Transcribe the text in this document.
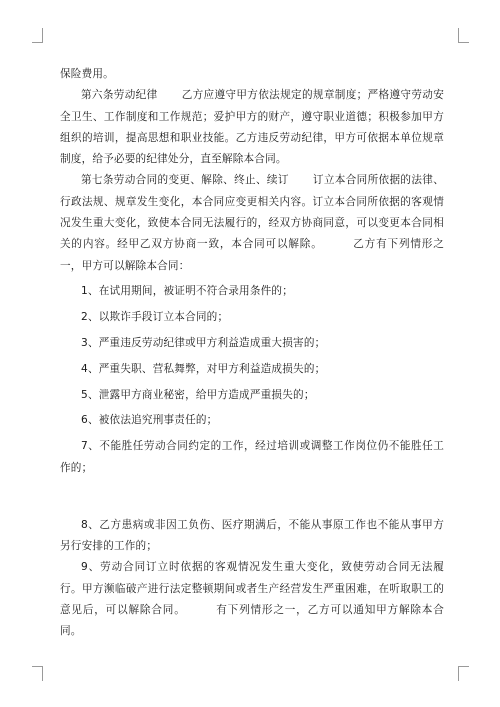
保险费用。

第六条劳动纪律 乙方应遵守甲方依法规定的规章制度；严格遵守劳动安全卫生、工作制度和工作规范；爱护甲方的财产，遵守职业道德；积极参加甲方组织的培训，提高思想和职业技能。乙方违反劳动纪律，甲方可依据本单位规章制度，给予必要的纪律处分，直至解除本合同。

第七条劳动合同的变更、解除、终止、续订 订立本合同所依据的法律、行政法规、规章发生变化，本合同应变更相关内容。订立本合同所依据的客观情况发生重大变化，致使本合同无法履行的，经双方协商同意，可以变更本合同相关的内容。经甲乙双方协商一致，本合同可以解除。	乙方有下列情形之一，甲方可以解除本合同：

1、在试用期间，被证明不符合录用条件的；

2、以欺诈手段订立本合同的；

3、严重违反劳动纪律或甲方利益造成重大损害的；

4、严重失职、营私舞弊，对甲方利益造成损失的；

5、泄露甲方商业秘密，给甲方造成严重损失的；

6、被依法追究刑事责任的；

7、不能胜任劳动合同约定的工作，经过培训或调整工作岗位仍不能胜任工作的；

8、乙方患病或非因工负伤、医疗期满后，不能从事原工作也不能从事甲方另行安排的工作的；

9、劳动合同订立时依据的客观情况发生重大变化，致使劳动合同无法履行。甲方濒临破产进行法定整顿期间或者生产经营发生严重困难，在听取职工的意见后，可以解除合同。	有下列情形之一，乙方可以通知甲方解除本合同。
